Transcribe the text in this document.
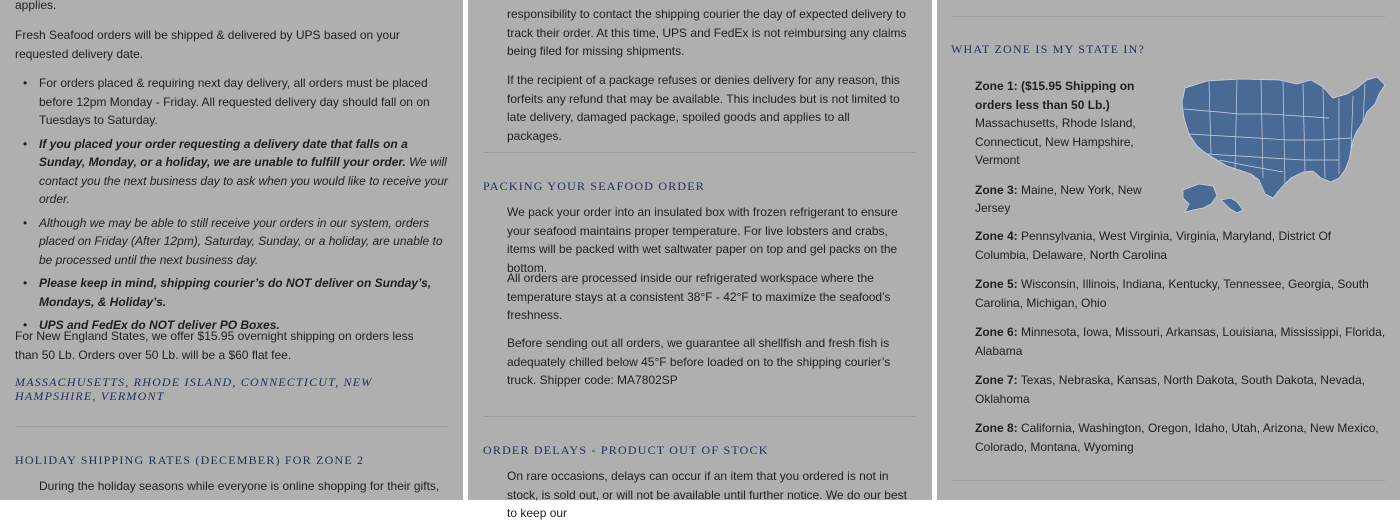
applies.

Fresh Seafood orders will be shipped & delivered by UPS based on your requested delivery date.

• For orders placed & requiring next day delivery, all orders must be placed before 12pm Monday - Friday. All requested delivery day should fall on on Tuesdays to Saturday.
• If you placed your order requesting a delivery date that falls on a Sunday, Monday, or a holiday, we are unable to fulfill your order. We will contact you the next business day to ask when you would like to receive your order.
• Although we may be able to still receive your orders in our system, orders placed on Friday (After 12pm), Saturday, Sunday, or a holiday, are unable to be processed until the next business day.
• Please keep in mind, shipping courier’s do NOT deliver on Sunday’s, Mondays, & Holiday’s.
• UPS and FedEx do NOT deliver PO Boxes.

For New England States, we offer $15.95 overnight shipping on orders less than 50 Lb. Orders over 50 Lb. will be a $60 flat fee.

MASSACHUSETTS, RHODE ISLAND, CONNECTICUT, NEW HAMPSHIRE, VERMONT
HOLIDAY SHIPPING RATES (DECEMBER) FOR ZONE 2

During the holiday seasons while everyone is online shopping for their gifts,

responsibility to contact the shipping courier the day of expected delivery to track their order. At this time, UPS and FedEx is not reimbursing any claims being filed for missing shipments.

If the recipient of a package refuses or denies delivery for any reason, this forfeits any refund that may be available. This includes but is not limited to late delivery, damaged package, spoiled goods and applies to all packages.

PACKING YOUR SEAFOOD ORDER

We pack your order into an insulated box with frozen refrigerant to ensure your seafood maintains proper temperature. For live lobsters and crabs, items will be packed with wet saltwater paper on top and gel packs on the bottom.

All orders are processed inside our refrigerated workspace where the temperature stays at a consistent 38°F - 42°F to maximize the seafood’s freshness.

Before sending out all orders, we guarantee all shellfish and fresh fish is adequately chilled below 45°F before loaded on to the shipping courier’s truck. Shipper code: MA7802SP

ORDER DELAYS - PRODUCT OUT OF STOCK

On rare occasions, delays can occur if an item that you ordered is not in stock, is sold out, or will not be available until further notice. We do our best to keep our

WHAT ZONE IS MY STATE IN?
Zone 1: ($15.95 Shipping on orders less than 50 Lb.)
Massachusetts, Rhode Island, Connecticut, New Hampshire, Vermont
Zone 3: Maine, New York, New Jersey
Zone 4: Pennsylvania, West Virginia, Virginia, Maryland, District Of Columbia, Delaware, North Carolina
Zone 5: Wisconsin, Illinois, Indiana, Kentucky, Tennessee, Georgia, South Carolina, Michigan, Ohio
Zone 6: Minnesota, Iowa, Missouri, Arkansas, Louisiana, Mississippi, Florida, Alabama
Zone 7: Texas, Nebraska, Kansas, North Dakota, South Dakota, Nevada, Oklahoma
Zone 8: California, Washington, Oregon, Idaho, Utah, Arizona, New Mexico, Colorado, Montana, Wyoming
